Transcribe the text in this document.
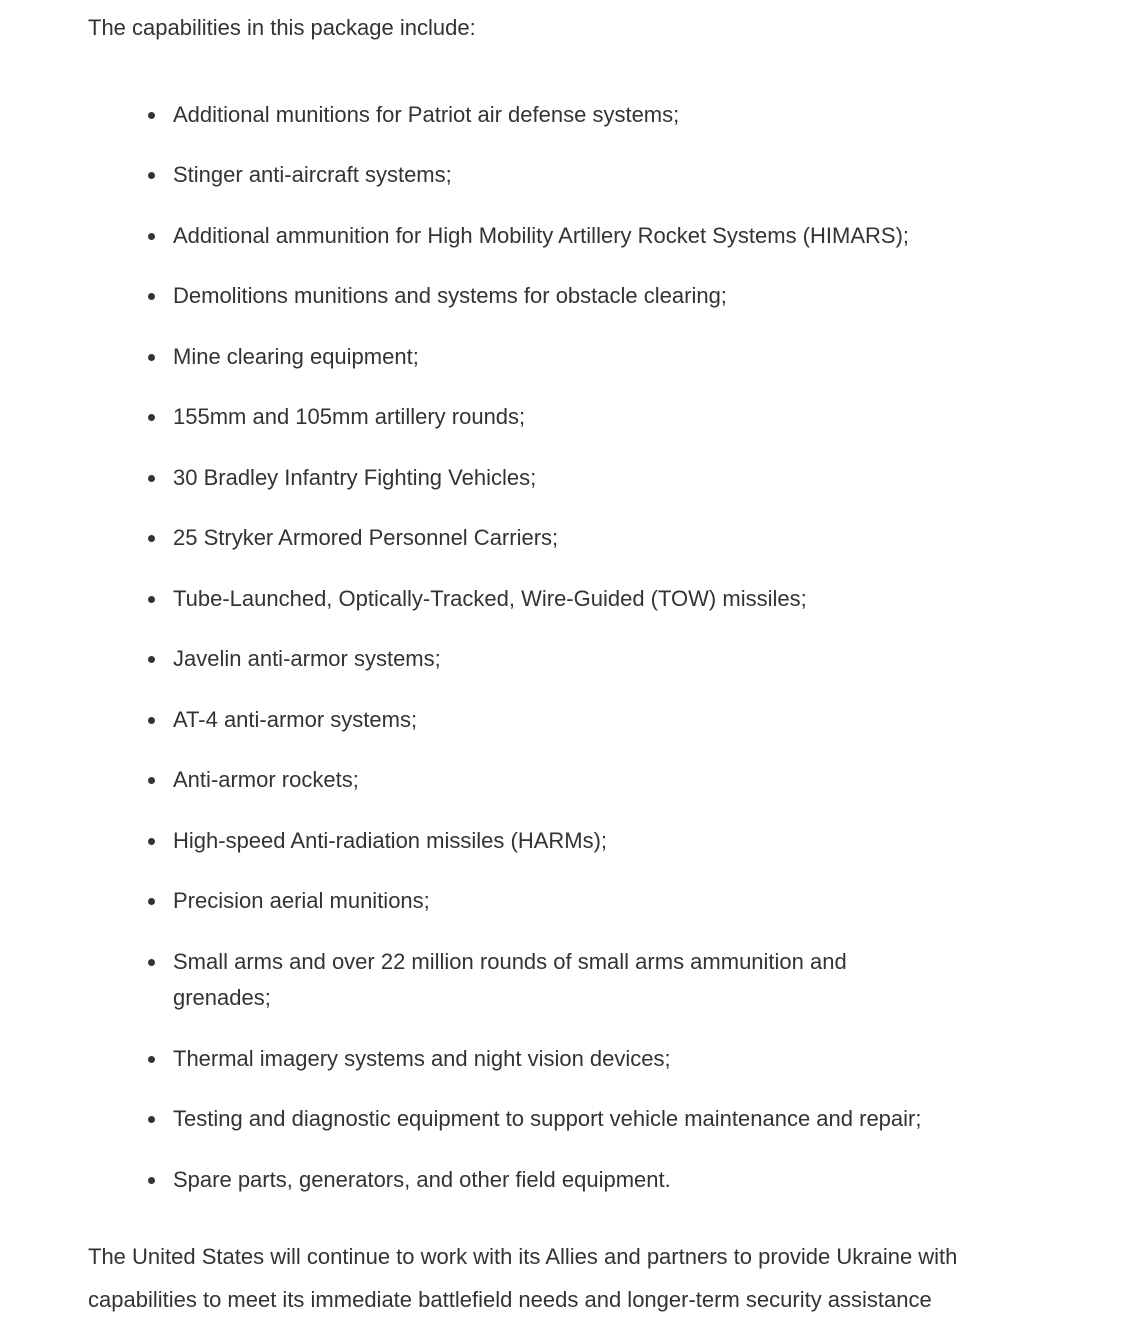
The capabilities in this package include:

Additional munitions for Patriot air defense systems;
Stinger anti-aircraft systems;
Additional ammunition for High Mobility Artillery Rocket Systems (HIMARS);
Demolitions munitions and systems for obstacle clearing;
Mine clearing equipment;
155mm and 105mm artillery rounds;
30 Bradley Infantry Fighting Vehicles;
25 Stryker Armored Personnel Carriers;
Tube-Launched, Optically-Tracked, Wire-Guided (TOW) missiles;
Javelin anti-armor systems;
AT-4 anti-armor systems;
Anti-armor rockets;
High-speed Anti-radiation missiles (HARMs);
Precision aerial munitions;
Small arms and over 22 million rounds of small arms ammunition and grenades;
Thermal imagery systems and night vision devices;
Testing and diagnostic equipment to support vehicle maintenance and repair;
Spare parts, generators, and other field equipment.

The United States will continue to work with its Allies and partners to provide Ukraine with capabilities to meet its immediate battlefield needs and longer-term security assistance
